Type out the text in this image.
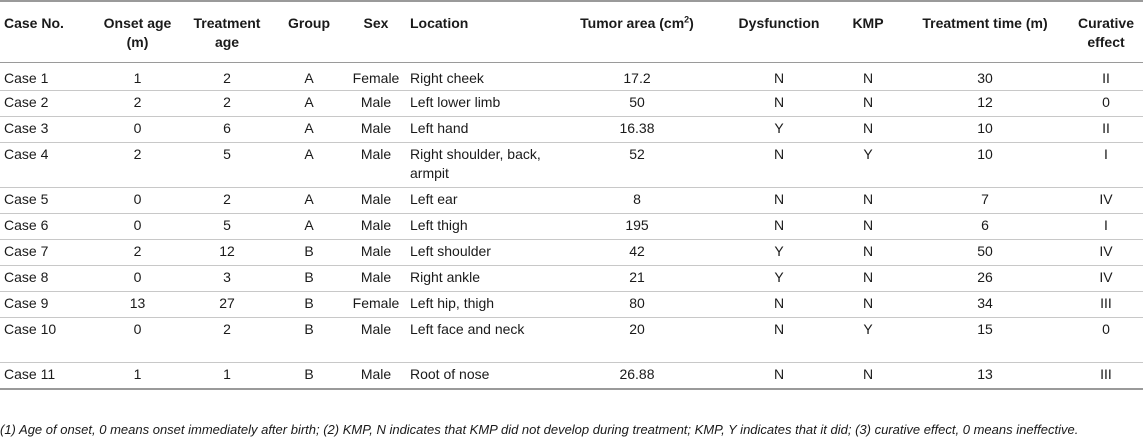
Case No.	Onset age (m)	Treatment age	Group	Sex	Location	Tumor area $(cm^2)$	Dysfunction	KMP	Treatment time (m)	Curative effect
Case 1	1	2	A	Female	Right cheek	17.2	N	N	30	II
Case 2	2	2	A	Male	Left lower limb	50	N	N	12	0
Case 3	0	6	A	Male	Left hand	16.38	Y	N	10	II
Case 4	2	5	A	Male	Right shoulder, back, armpit	52	N	Y	10	I
Case 5	0	2	A	Male	Left ear	8	N	N	7	IV
Case 6	0	5	A	Male	Left thigh	195	N	N	6	I
Case 7	2	12	B	Male	Left shoulder	42	Y	N	50	IV
Case 8	0	3	B	Male	Right ankle	21	Y	N	26	IV
Case 9	13	27	B	Female	Left hip, thigh	80	N	N	34	III
Case 10	0	2	B	Male	Left face and neck	20	N	Y	15	0
Case 11	1	1	B	Male	Root of nose	26.88	N	N	13	III
(1) Age of onset, 0 means onset immediately after birth; (2) KMP, N indicates that KMP did not develop during treatment; KMP, Y indicates that it did; (3) curative effect, 0 means ineffective.
